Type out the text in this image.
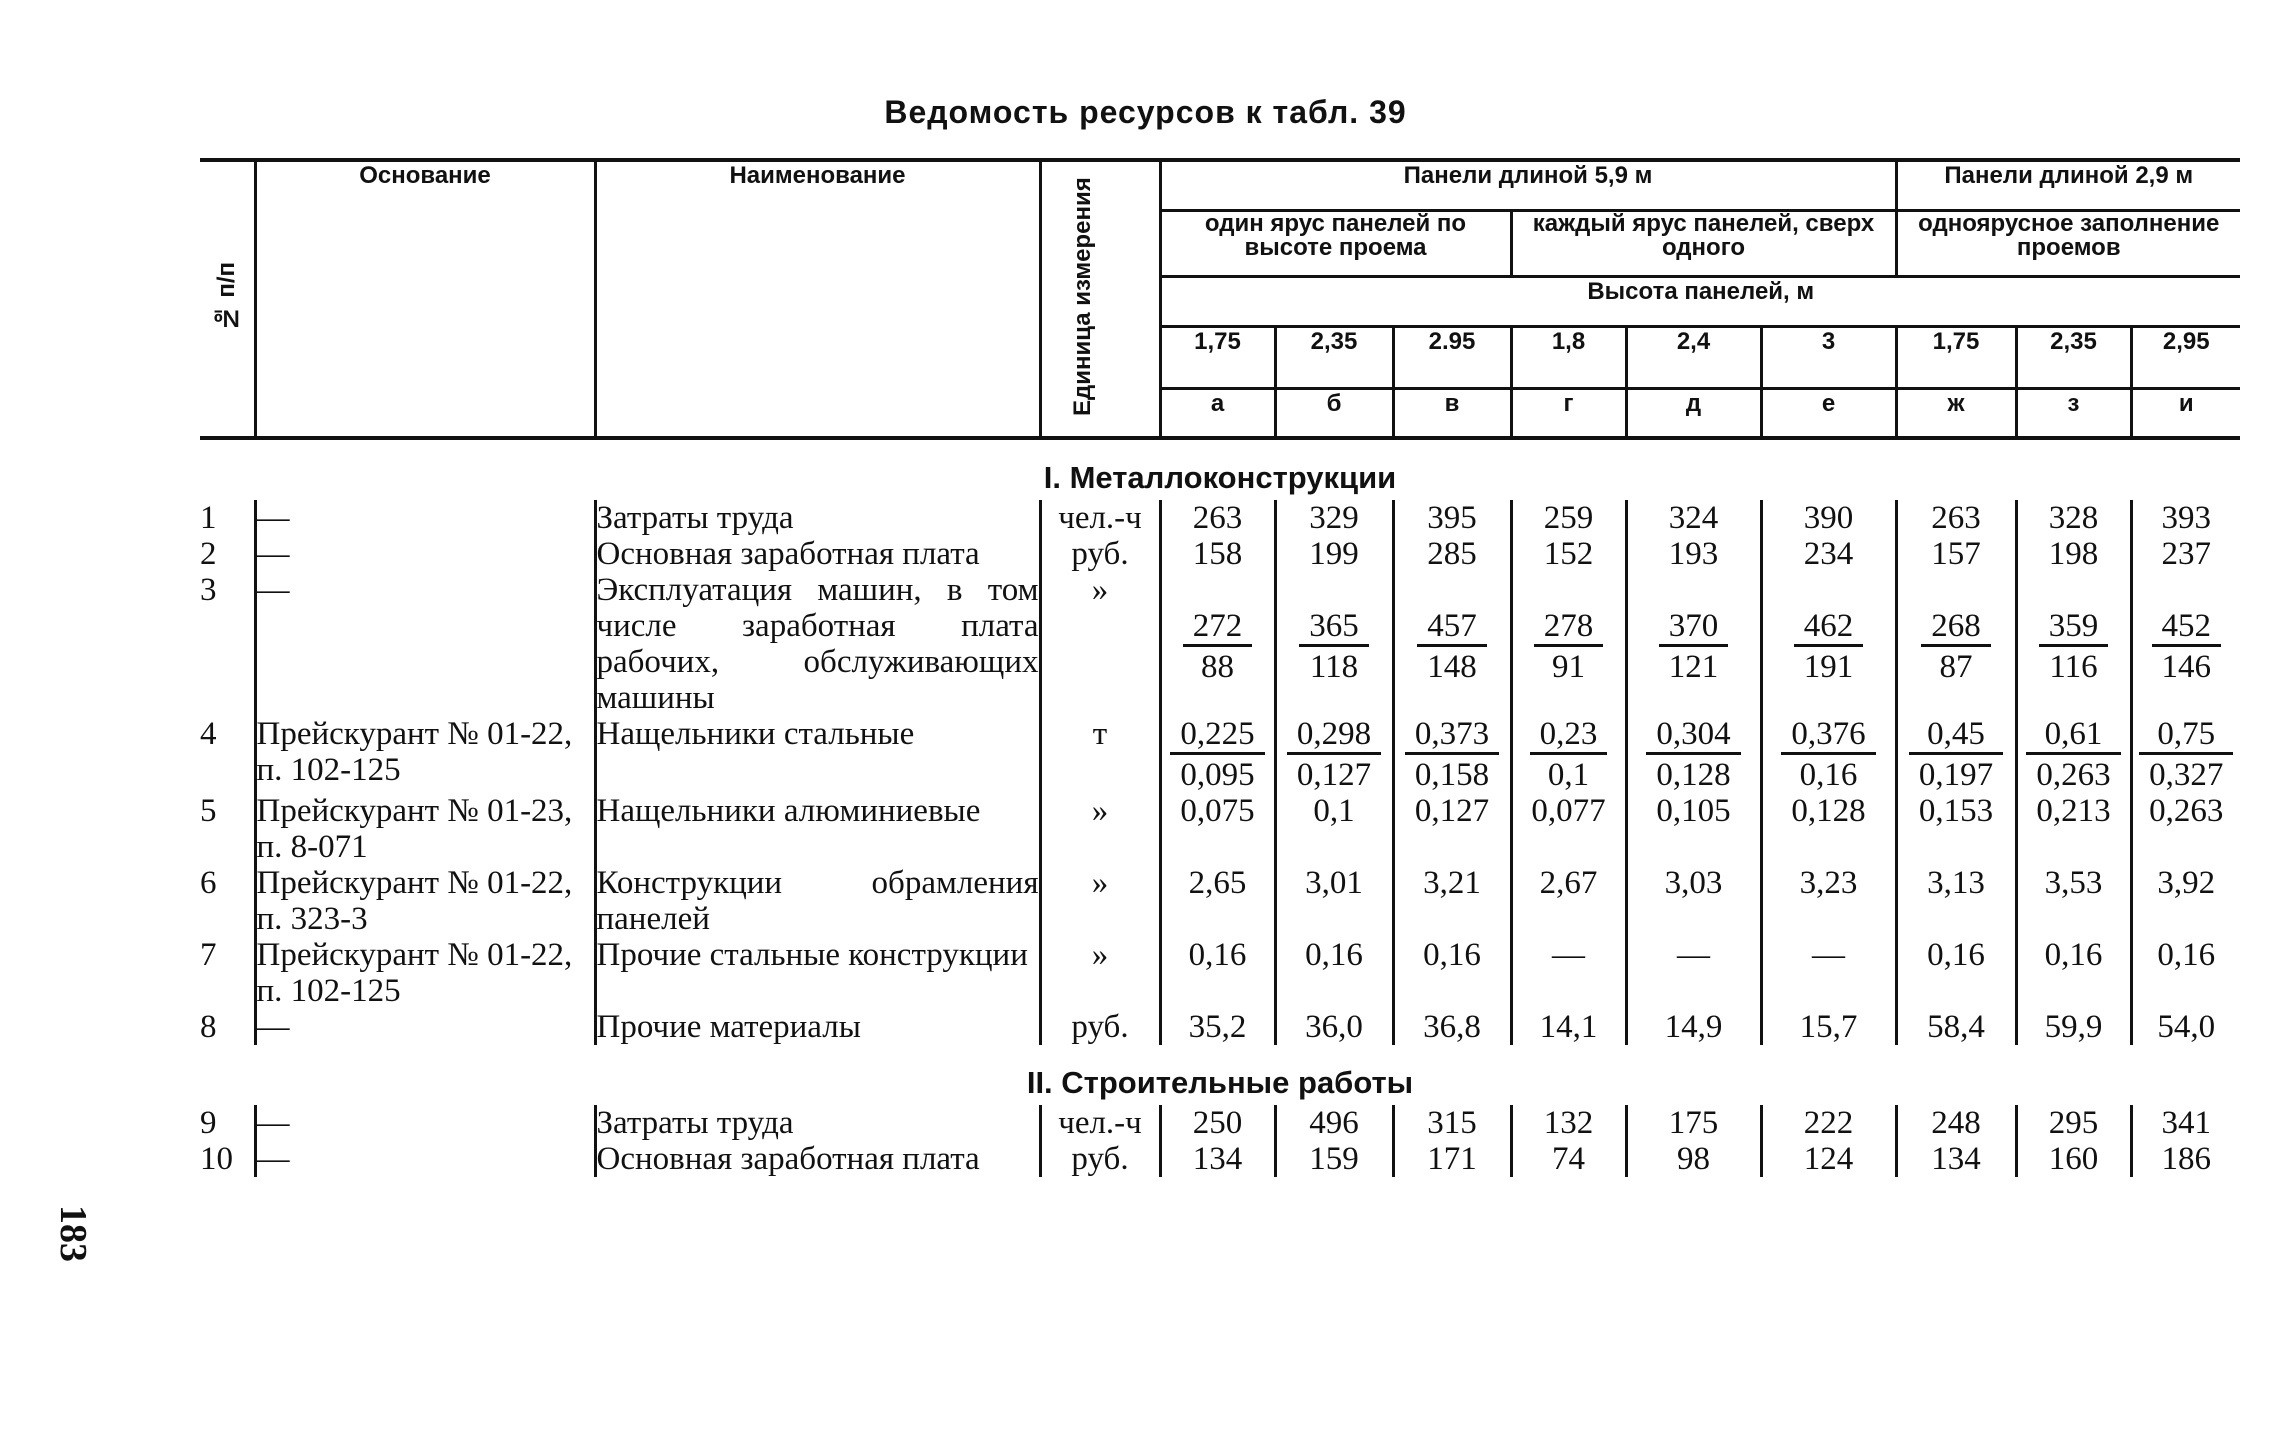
Ведомость ресурсов к табл. 39
№ п/п	Основание	Наименование	Единица измерения	Панели длиной 5,9 м						Панели длиной 2,9 м		
				один ярус панелей по высоте проема			каждый ярус панелей, сверх одного			одноярусное заполнение проемов		
				Высота панелей, м								
				1,75	2,35	2.95	1,8	2,4	3	1,75	2,35	2,95
				а	б	в	г	д	е	ж	з	и
I. Металлоконструкции												
1	—	Затраты труда	чел.-ч	263	329	395	259	324	390	263	328	393
2	—	Основная заработная плата	руб.	158	199	285	152	193	234	157	198	237
3	—	Эксплуатация машин, в том числе заработная плата рабочих, обслуживающих машины	»	$\frac{272}{88}$	$\frac{365}{118}$	$\frac{457}{148}$	$\frac{278}{91}$	$\frac{370}{121}$	$\frac{462}{191}$	$\frac{268}{87}$	$\frac{359}{116}$	$\frac{452}{146}$

4	Прейскурант № 01-22, п. 102-125	Нащельники стальные	т	$\frac{0,225}{0,095}$	$\frac{0,298}{0,127}$	$\frac{0,373}{0,158}$	$\frac{0,23}{0,1}$	$\frac{0,304}{0,128}$	$\frac{0,376}{0,16}$	$\frac{0,45}{0,197}$	$\frac{0,61}{0,263}$	$\frac{0,75}{0,327}$

5	Прейскурант № 01-23, п. 8-071	Нащельники алюминиевые	»	0,075	0,1	0,127	0,077	0,105	0,128	0,153	0,213	0,263
6	Прейскурант № 01-22, п. 323-3	Конструкции обрамления панелей	»	2,65	3,01	3,21	2,67	3,03	3,23	3,13	3,53	3,92
7	Прейскурант № 01-22, п. 102-125	Прочие стальные конструкции	»	0,16	0,16	0,16	—	—	—	0,16	0,16	0,16
8	—	Прочие материалы	руб.	35,2	36,0	36,8	14,1	14,9	15,7	58,4	59,9	54,0
II. Строительные работы												
9	—	Затраты труда	чел.-ч	250	496	315	132	175	222	248	295	341
10	—	Основная заработная плата	руб.	134	159	171	74	98	124	134	160	186
183
